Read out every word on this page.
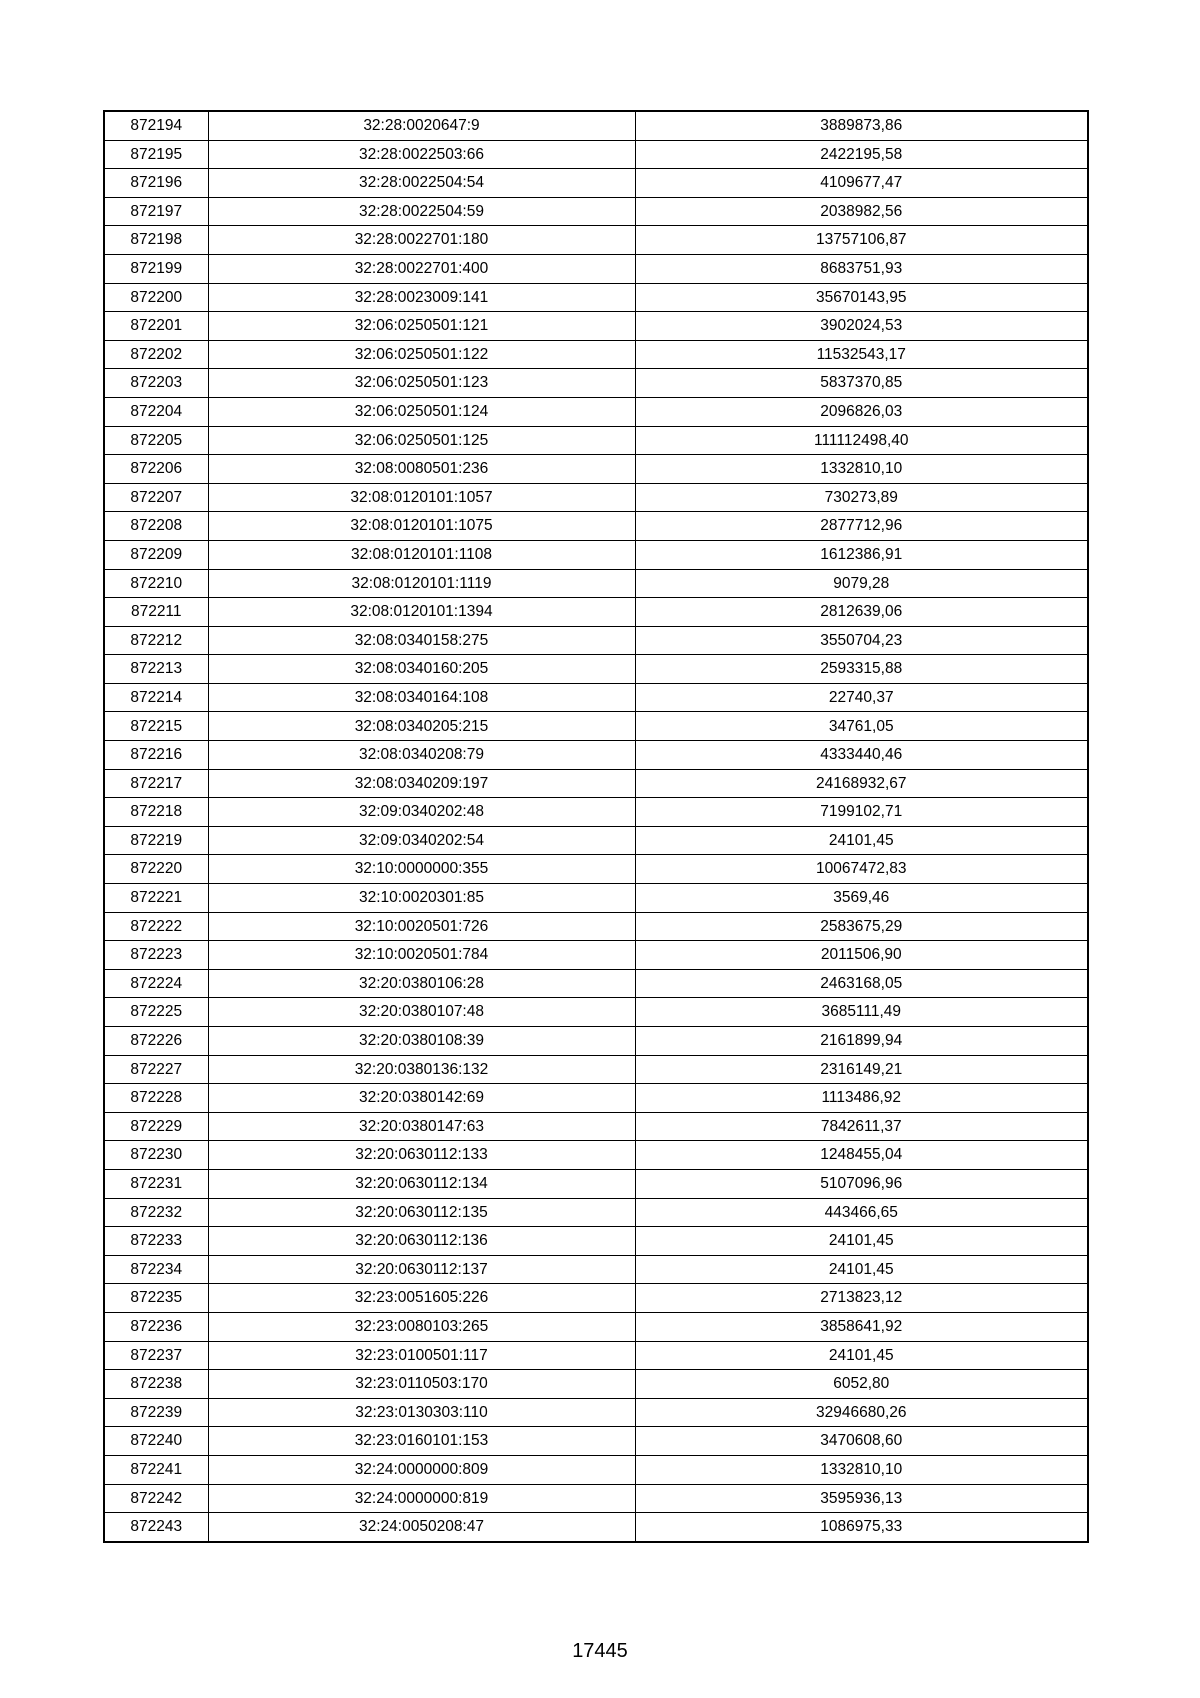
872194	32:28:0020647:9	3889873,86
872195	32:28:0022503:66	2422195,58
872196	32:28:0022504:54	4109677,47
872197	32:28:0022504:59	2038982,56
872198	32:28:0022701:180	13757106,87
872199	32:28:0022701:400	8683751,93
872200	32:28:0023009:141	35670143,95
872201	32:06:0250501:121	3902024,53
872202	32:06:0250501:122	11532543,17
872203	32:06:0250501:123	5837370,85
872204	32:06:0250501:124	2096826,03
872205	32:06:0250501:125	111112498,40
872206	32:08:0080501:236	1332810,10
872207	32:08:0120101:1057	730273,89
872208	32:08:0120101:1075	2877712,96
872209	32:08:0120101:1108	1612386,91
872210	32:08:0120101:1119	9079,28
872211	32:08:0120101:1394	2812639,06
872212	32:08:0340158:275	3550704,23
872213	32:08:0340160:205	2593315,88
872214	32:08:0340164:108	22740,37
872215	32:08:0340205:215	34761,05
872216	32:08:0340208:79	4333440,46
872217	32:08:0340209:197	24168932,67
872218	32:09:0340202:48	7199102,71
872219	32:09:0340202:54	24101,45
872220	32:10:0000000:355	10067472,83
872221	32:10:0020301:85	3569,46
872222	32:10:0020501:726	2583675,29
872223	32:10:0020501:784	2011506,90
872224	32:20:0380106:28	2463168,05
872225	32:20:0380107:48	3685111,49
872226	32:20:0380108:39	2161899,94
872227	32:20:0380136:132	2316149,21
872228	32:20:0380142:69	1113486,92
872229	32:20:0380147:63	7842611,37
872230	32:20:0630112:133	1248455,04
872231	32:20:0630112:134	5107096,96
872232	32:20:0630112:135	443466,65
872233	32:20:0630112:136	24101,45
872234	32:20:0630112:137	24101,45
872235	32:23:0051605:226	2713823,12
872236	32:23:0080103:265	3858641,92
872237	32:23:0100501:117	24101,45
872238	32:23:0110503:170	6052,80
872239	32:23:0130303:110	32946680,26
872240	32:23:0160101:153	3470608,60
872241	32:24:0000000:809	1332810,10
872242	32:24:0000000:819	3595936,13
872243	32:24:0050208:47	1086975,33
17445
